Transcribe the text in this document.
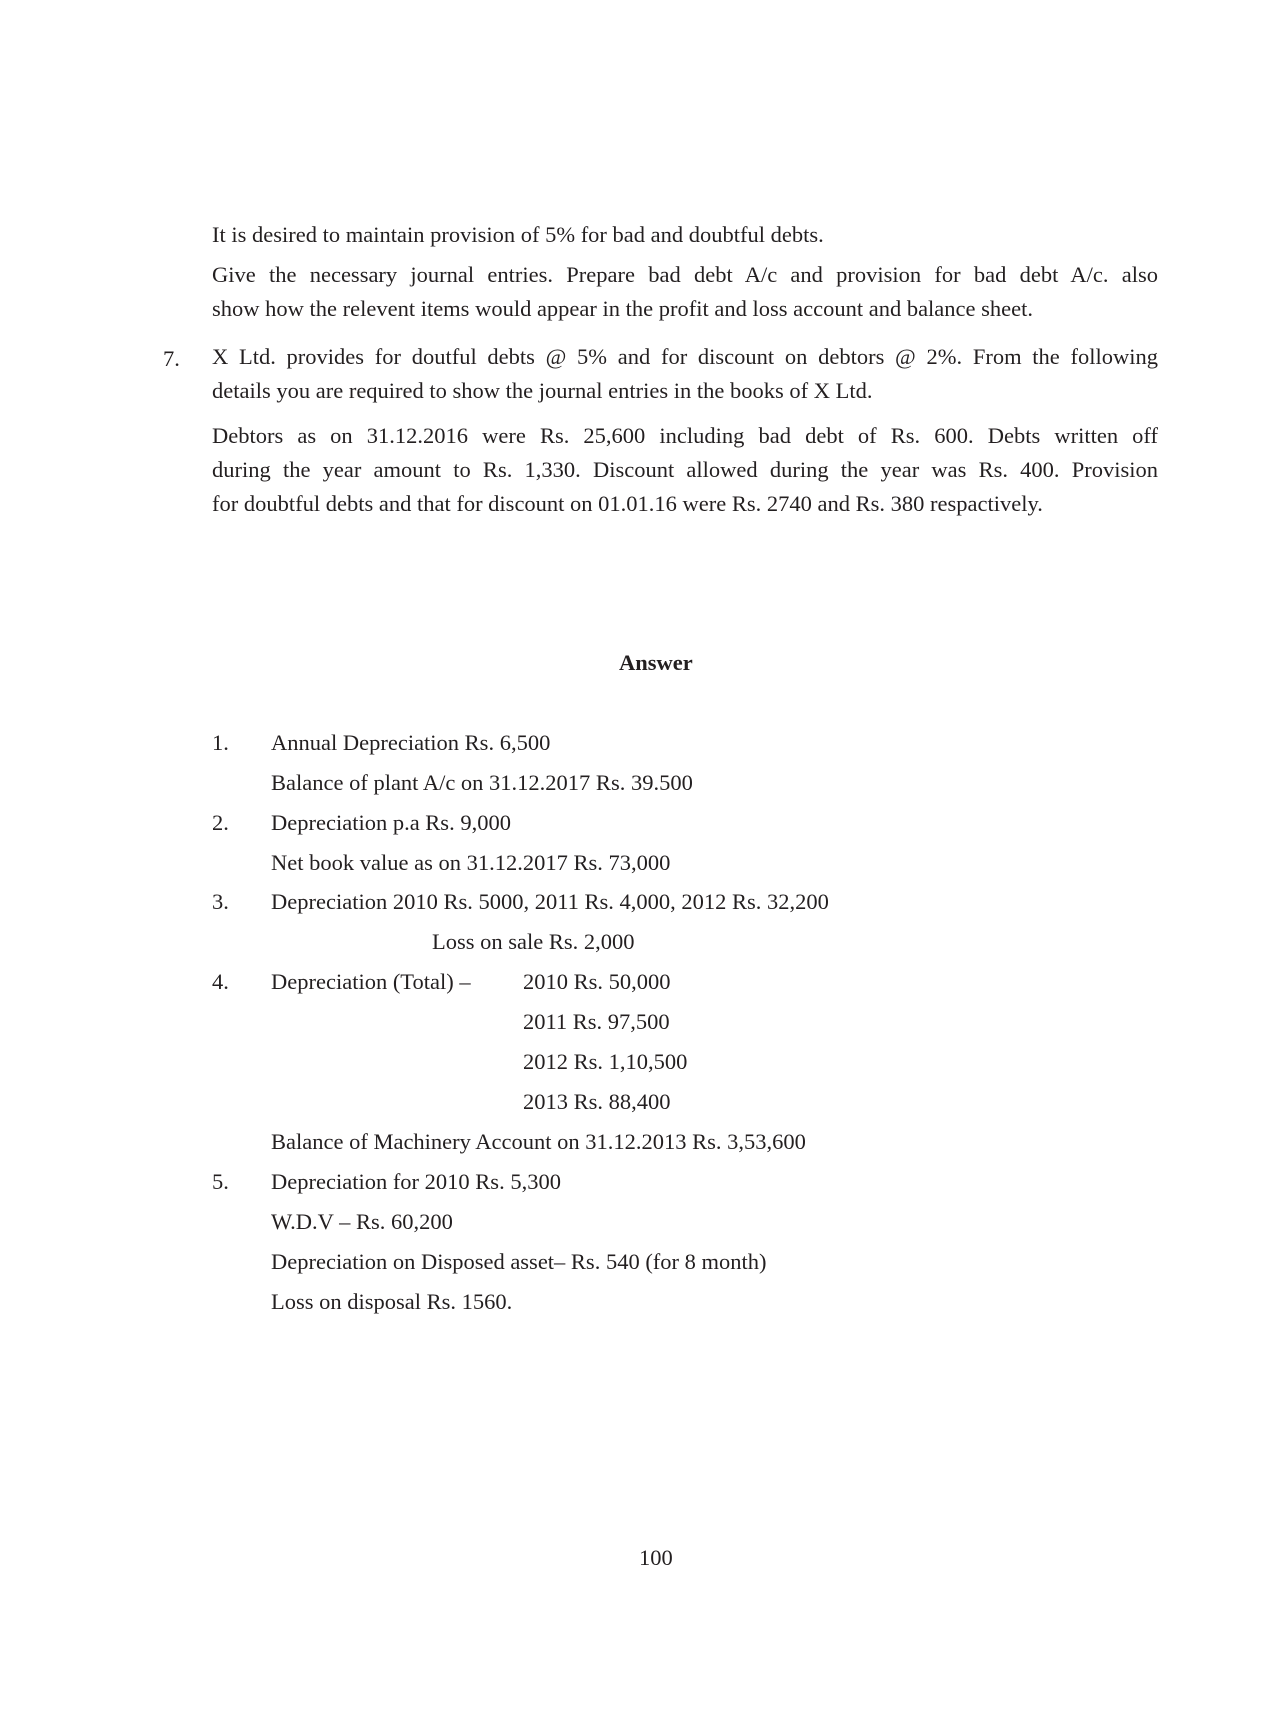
It is desired to maintain provision of 5% for bad and doubtful debts.
Give the necessary journal entries. Prepare bad debt A/c and provision for bad debt A/c. also
show how the relevent items would appear in the profit and loss account and balance sheet.
7. X Ltd. provides for doutful debts @ 5% and for discount on debtors @ 2%. From the following
details you are required to show the journal entries in the books of X Ltd.
Debtors as on 31.12.2016 were Rs. 25,600 including bad debt of Rs. 600. Debts written off
during the year amount to Rs. 1,330. Discount allowed during the year was Rs. 400. Provision
for doubtful debts and that for discount on 01.01.16 were Rs. 2740 and Rs. 380 respactively.
Answer
1. Annual Depreciation Rs. 6,500
Balance of plant A/c on 31.12.2017 Rs. 39.500
2. Depreciation p.a Rs. 9,000
Net book value as on 31.12.2017 Rs. 73,000
3. Depreciation 2010 Rs. 5000, 2011 Rs. 4,000, 2012 Rs. 32,200
Loss on sale Rs. 2,000
4. Depreciation (Total) – 2010 Rs. 50,000
2011 Rs. 97,500
2012 Rs. 1,10,500
2013 Rs. 88,400
Balance of Machinery Account on 31.12.2013 Rs. 3,53,600
5. Depreciation for 2010 Rs. 5,300
W.D.V – Rs. 60,200
Depreciation on Disposed asset– Rs. 540 (for 8 month)
Loss on disposal Rs. 1560.
100
